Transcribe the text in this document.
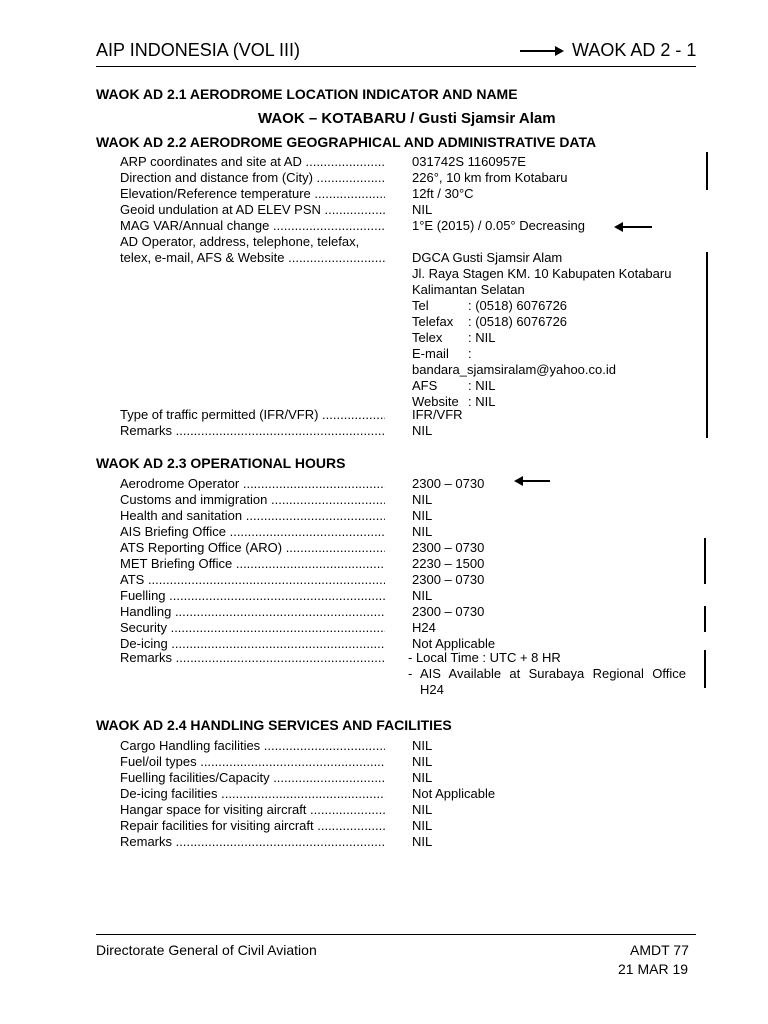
AIP INDONESIA (VOL III)	WAOK AD 2 - 1
WAOK AD 2.1 AERODROME LOCATION INDICATOR AND NAME
WAOK – KOTABARU / Gusti Sjamsir Alam
WAOK AD 2.2 AERODROME GEOGRAPHICAL AND ADMINISTRATIVE DATA
ARP coordinates and site at AD .....	031742S 1160957E
Direction and distance from (City) .....	226°, 10 km from Kotabaru
Elevation/Reference temperature .....	12ft / 30°C
Geoid undulation at AD ELEV PSN .....	NIL
MAG VAR/Annual change .....	1°E (2015) / 0.05° Decreasing
AD Operator, address, telephone, telefax,
telex, e-mail, AFS & Website .....	DGCA Gusti Sjamsir Alam
Jl. Raya Stagen KM. 10 Kabupaten Kotabaru
Kalimantan Selatan
Tel	: (0518) 6076726
Telefax : (0518) 6076726
Telex : NIL
E-mail :
bandara_sjamsiralam@yahoo.co.id
AFS : NIL
Website : NIL
Type of traffic permitted (IFR/VFR) .....	IFR/VFR
Remarks .....	NIL
WAOK AD 2.3 OPERATIONAL HOURS
Aerodrome Operator .....	2300 – 0730
Customs and immigration .....	NIL
Health and sanitation .....	NIL
AIS Briefing Office .....	NIL
ATS Reporting Office (ARO) .....	2300 – 0730
MET Briefing Office .....	2230 – 1500
ATS .....	2300 – 0730
Fuelling .....	NIL
Handling .....	2300 – 0730
Security .....	H24
De-icing .....	Not Applicable
Remarks .....	- Local Time : UTC + 8 HR
- AIS Available at Surabaya Regional Office
H24
WAOK AD 2.4 HANDLING SERVICES AND FACILITIES
Cargo Handling facilities .....	NIL
Fuel/oil types .....	NIL
Fuelling facilities/Capacity .....	NIL
De-icing facilities .....	Not Applicable
Hangar space for visiting aircraft .....	NIL
Repair facilities for visiting aircraft .....	NIL
Remarks .....	NIL
Directorate General of Civil Aviation	AMDT 77
21 MAR 19
